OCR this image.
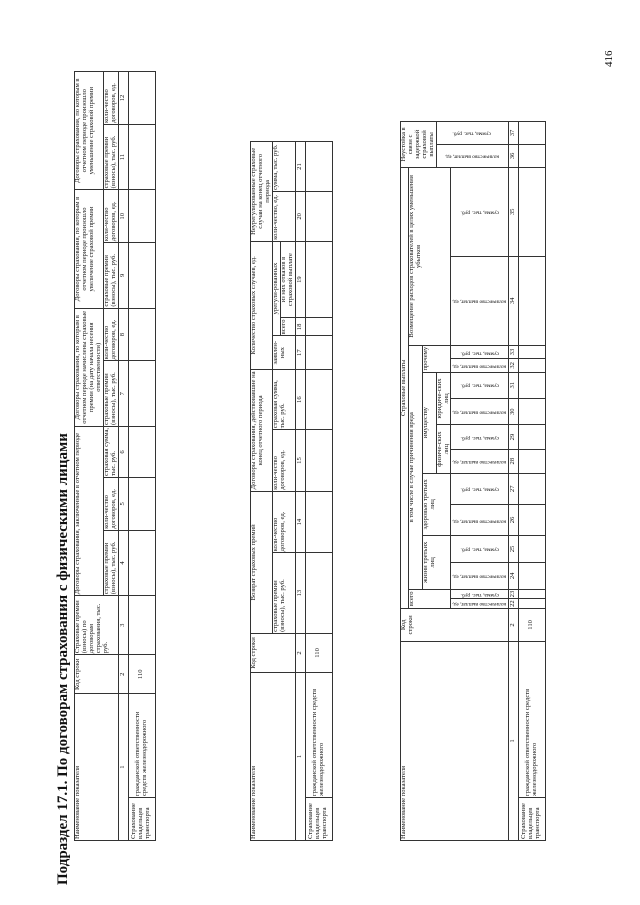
Подраздел 17.1. По договорам страхования с физическими лицами
416
Наименование показателя		Код строки	Страховые премии (взносы) по договорам страхования, тыс. руб.	Договоры страхования, заключенные в отчетном периоде			Договоры страхования, по которым в отчетном периоде начислены страховые премии (на дату начала несения ответственности)		Договоры страхования, по которым в отчетном периоде произошло увеличение страховой премии		Договоры страхования, по которым в отчетном периоде произошло уменьшение страховой премии	
				страховые премии (взносы), тыс. руб.	коли-чество договоров, ед.	страховая сумма, тыс. руб.	страховые премии (взносы), тыс. руб.	коли-чество договоров, ед.	страховые премии (взносы), тыс. руб.	коли-чество договоров, ед.	страховые премии (взносы), тыс. руб.	коли-чество договоров, ед.

1		2	3	4	5	6	7	8	9	10	11	12
Страхование владельцев транспорта	гражданской ответственности средств железнодорожного	110										
Наименование показателя		Код строки	Возврат страховых премий		Договоры страхования, действовавшие на конец отчетного периода		Количество страховых случаев, ед.			Неурегулированные страховые случаи на конец отчетного периода	
			страховые премии (взносы), тыс. руб.	коли-чество договоров, ед.	коли-чество договоров, ед.	страховая сумма, тыс. руб.	заявлен-ных	урегули-рованных		коли-чество, ед.	сумма, тыс. руб.
								всего	из них отказов в страховой выплате		
1		2	13	14	15	16	17	18	19	20	21
Страхование владельцев транспорта	гражданской ответственности средств железнодорожного	110									
Наименование показателя		Код строки	Страховые выплаты														Неустойка в связи с задержкой страховой выплаты	
			всего		в том числе в случае причинения вреда										Возмещение расходов страхователей в целях уменьшения убытков			
					жизни третьих лиц		здоровью третьих лиц		имуществу				прочему					
									физиче-ских лиц		юридиче-ских лиц						количество выплат, ед.	сумма, тыс. руб.
			количество выплат, ед.	сумма, тыс. руб.	количество выплат, ед.	сумма, тыс. руб.	количество выплат, ед.	сумма, тыс. руб.	количество выплат, ед.	сумма, тыс. руб.	количество выплат, ед.	сумма, тыс. руб.	количество выплат, ед.	сумма, тыс. руб.	количество выплат, ед.	сумма, тыс. руб.		
1		2	22	23	24	25	26	27	28	29	30	31	32	33	34	35	36	37
Страхование владельцев транспорта	гражданской ответственности средств железнодорожного	110																
